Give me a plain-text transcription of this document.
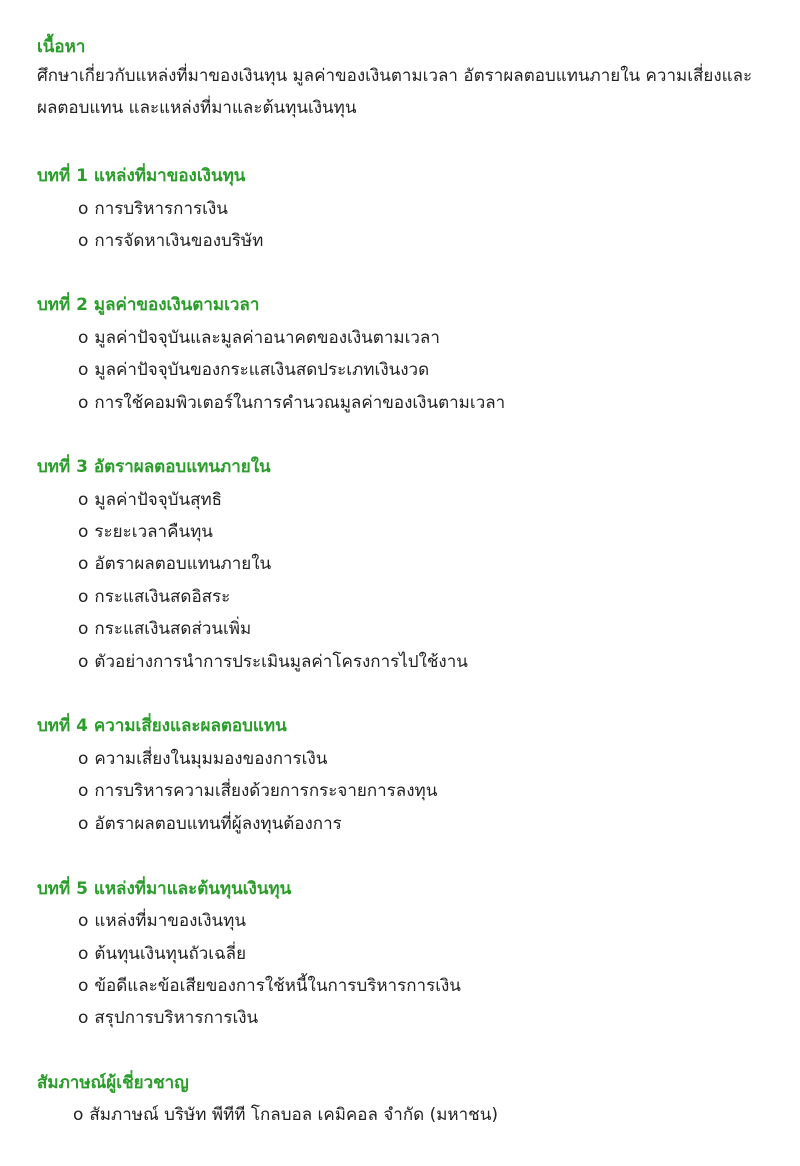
เนื้อหา
ศึกษาเกี่ยวกับแหล่งที่มาของเงินทุน มูลค่าของเงินตามเวลา อัตราผลตอบแทนภายใน ความเสี่ยงและผลตอบแทน และแหล่งที่มาและต้นทุนเงินทุน
บทที่ 1 แหล่งที่มาของเงินทุน
o การบริหารการเงิน
o การจัดหาเงินของบริษัท
บทที่ 2 มูลค่าของเงินตามเวลา
o มูลค่าปัจจุบันและมูลค่าอนาคตของเงินตามเวลา
o มูลค่าปัจจุบันของกระแสเงินสดประเภทเงินงวด
o การใช้คอมพิวเตอร์ในการคำนวณมูลค่าของเงินตามเวลา
บทที่ 3 อัตราผลตอบแทนภายใน
o มูลค่าปัจจุบันสุทธิ
o ระยะเวลาคืนทุน
o อัตราผลตอบแทนภายใน
o กระแสเงินสดอิสระ
o กระแสเงินสดส่วนเพิ่ม
o ตัวอย่างการนำการประเมินมูลค่าโครงการไปใช้งาน
บทที่ 4 ความเสี่ยงและผลตอบแทน
o ความเสี่ยงในมุมมองของการเงิน
o การบริหารความเสี่ยงด้วยการกระจายการลงทุน
o อัตราผลตอบแทนที่ผู้ลงทุนต้องการ
บทที่ 5 แหล่งที่มาและต้นทุนเงินทุน
o แหล่งที่มาของเงินทุน
o ต้นทุนเงินทุนถัวเฉลี่ย
o ข้อดีและข้อเสียของการใช้หนี้ในการบริหารการเงิน
o สรุปการบริหารการเงิน
สัมภาษณ์ผู้เชี่ยวชาญ
o สัมภาษณ์ บริษัท พีทีที โกลบอล เคมิคอล จำกัด (มหาชน)
